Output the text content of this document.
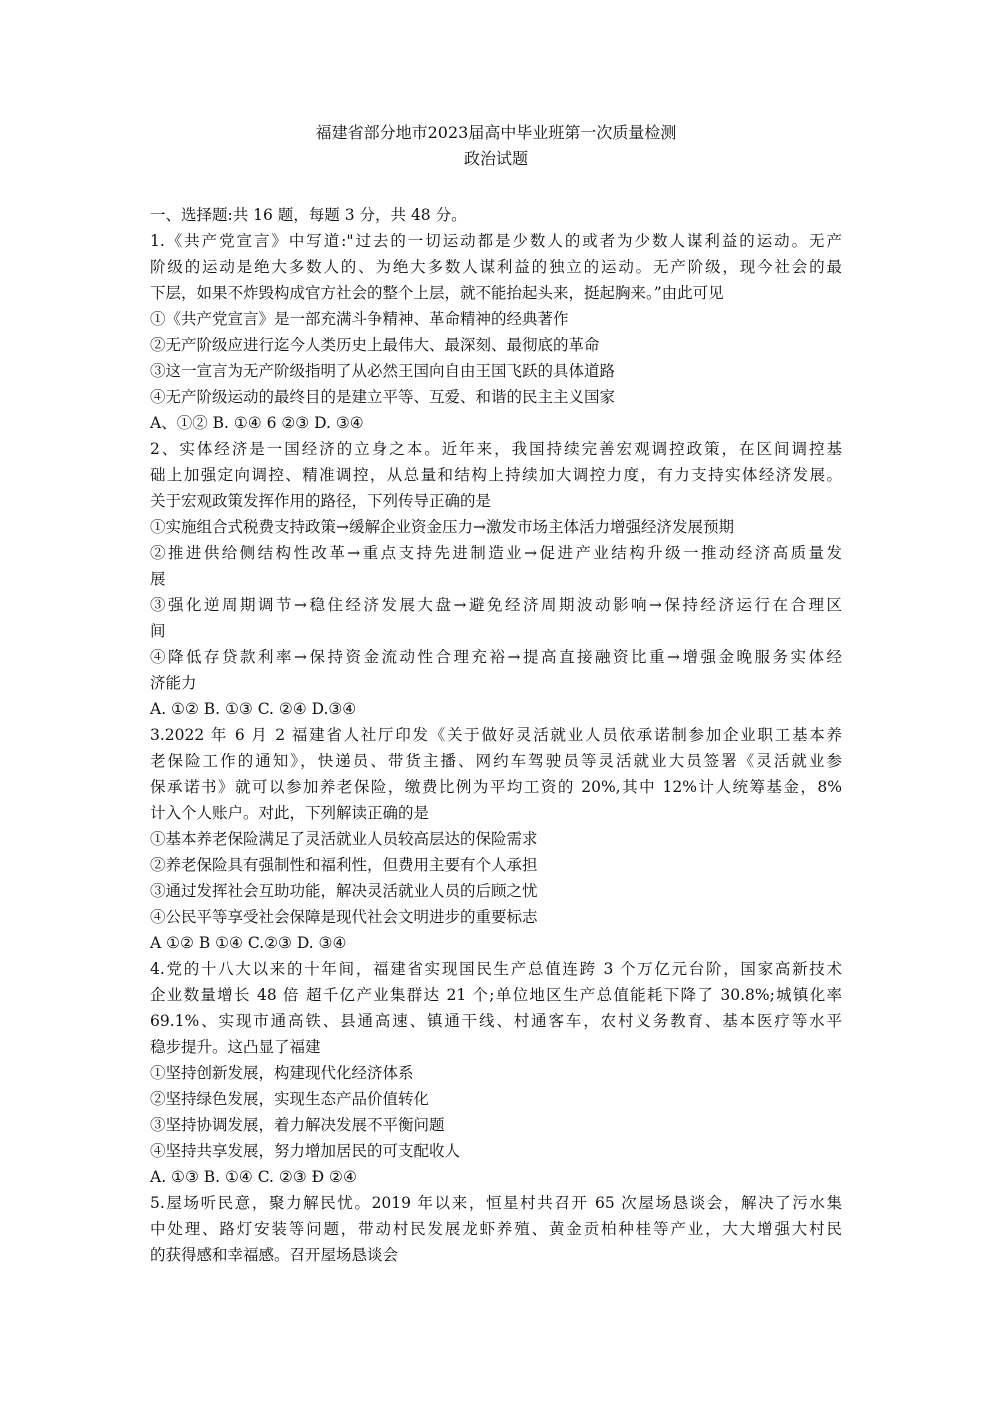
福建省部分地市2023届高中毕业班第一次质量检测
政治试题
一、选择题:共 16 题，每题 3 分，共 48 分。
1.《共产党宣言》中写道:"过去的一切运动都是少数人的或者为少数人谋利益的运动。无产
阶级的运动是绝大多数人的、为绝大多数人谋利益的独立的运动。无产阶级，现今社会的最
下层，如果不炸毁构成官方社会的整个上层，就不能抬起头来，挺起胸来。”由此可见
①《共产党宣言》是一部充满斗争精神、革命精神的经典著作
②无产阶级应进行迄今人类历史上最伟大、最深刻、最彻底的革命
③这一宣言为无产阶级指明了从必然王国向自由王国飞跃的具体道路
④无产阶级运动的最终目的是建立平等、互爱、和谐的民主主义国家
A、①② B. ①④ 6 ②③ D. ③④
2、实体经济是一国经济的立身之本。近年来，我国持续完善宏观调控政策，在区间调控基
础上加强定向调控、精准调控，从总量和结构上持续加大调控力度，有力支持实体经济发展。
关于宏观政策发挥作用的路径，下列传导正确的是
①实施组合式税费支持政策→缓解企业资金压力→激发市场主体活力增强经济发展预期
②推进供给侧结构性改革→重点支持先进制造业→促进产业结构升级一推动经济高质量发
展
③强化逆周期调节→稳住经济发展大盘→避免经济周期波动影响→保持经济运行在合理区
间
④降低存贷款利率→保持资金流动性合理充裕→提高直接融资比重→增强金晚服务实体经
济能力
A. ①② B. ①③ C. ②④ D.③④
3.2022 年 6 月 2 福建省人社厅印发《关于做好灵活就业人员依承诺制参加企业职工基本养
老保险工作的通知》，快递员、带货主播、网约车驾驶员等灵活就业大员签署《灵活就业参
保承诺书》就可以参加养老保险，缴费比例为平均工资的 20%,其中 12%计人统筹基金，8%
计入个人账户。对此，下列解读正确的是
①基本养老保险满足了灵活就业人员较高层达的保险需求
②养老保险具有强制性和福利性，但费用主要有个人承担
③通过发挥社会互助功能，解决灵活就业人员的后顾之忧
④公民平等享受社会保障是现代社会文明进步的重要标志
A ①② B ①④ C.②③ D. ③④
4.党的十八大以来的十年间，福建省实现国民生产总值连跨 3 个万亿元台阶，国家高新技术
企业数量增长 48 倍 超千亿产业集群达 21 个;单位地区生产总值能耗下降了 30.8%;城镇化率
69.1%、实现市通高铁、县通高速、镇通干线、村通客车，农村义务教育、基本医疗等水平
稳步提升。这凸显了福建
①坚持创新发展，构建现代化经济体系
②坚持绿色发展，实现生态产品价值转化
③坚持协调发展，着力解决发展不平衡问题
④坚持共享发展，努力增加居民的可支配收人
A. ①③ B. ①④ C. ②③ Đ ②④
5.屋场听民意，聚力解民忧。2019 年以来，恒星村共召开 65 次屋场恳谈会，解决了污水集
中处理、路灯安装等问题，带动村民发展龙虾养殖、黄金贡柏种桂等产业，大大增强大村民
的获得感和幸福感。召开屋场恳谈会
